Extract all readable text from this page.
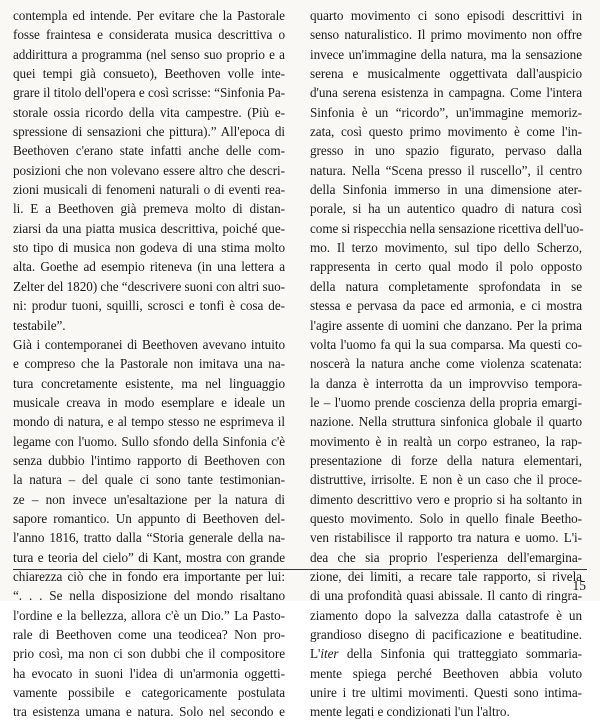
contempla ed intende. Per evitare che la Pastorale
fosse fraintesa e considerata musica descrittiva o
addirittura a programma (nel senso suo proprio e a
quei tempi già consueto), Beethoven volle inte-
grare il titolo dell'opera e così scrisse: “Sinfonia Pa-
storale ossia ricordo della vita campestre. (Più e-
spressione di sensazioni che pittura).” All'epoca di
Beethoven c'erano state infatti anche delle com-
posizioni che non volevano essere altro che descri-
zioni musicali di fenomeni naturali o di eventi rea-
li. E a Beethoven già premeva molto di distan-
ziarsi da una piatta musica descrittiva, poiché que-
sto tipo di musica non godeva di una stima molto
alta. Goethe ad esempio riteneva (in una lettera a
Zelter del 1820) che “descrivere suoni con altri suo-
ni: produr tuoni, squilli, scrosci e tonfi è cosa de-
testabile”.
Già i contemporanei di Beethoven avevano intuito
e compreso che la Pastorale non imitava una na-
tura concretamente esistente, ma nel linguaggio
musicale creava in modo esemplare e ideale un
mondo di natura, e al tempo stesso ne esprimeva il
legame con l'uomo. Sullo sfondo della Sinfonia c'è
senza dubbio l'intimo rapporto di Beethoven con
la natura – del quale ci sono tante testimonian-
ze – non invece un'esaltazione per la natura di
sapore romantico. Un appunto di Beethoven del-
l'anno 1816, tratto dalla “Storia generale della na-
tura e teoria del cielo” di Kant, mostra con grande
chiarezza ciò che in fondo era importante per lui:
“. . . Se nella disposizione del mondo risaltano
l'ordine e la bellezza, allora c'è un Dio.” La Pasto-
rale di Beethoven come una teodicea? Non pro-
prio così, ma non ci son dubbi che il compositore
ha evocato in suoni l'idea di un'armonia oggetti-
vamente possibile e categoricamente postulata
tra esistenza umana e natura. Solo nel secondo e
quarto movimento ci sono episodi descrittivi in
senso naturalistico. Il primo movimento non offre
invece un'immagine della natura, ma la sensazione
serena e musicalmente oggettivata dall'auspicio
d'una serena esistenza in campagna. Come l'intera
Sinfonia è un “ricordo”, un'immagine memoriz-
zata, così questo primo movimento è come l'in-
gresso in uno spazio figurato, pervaso dalla
natura. Nella “Scena presso il ruscello”, il centro
della Sinfonia immerso in una dimensione ater-
porale, si ha un autentico quadro di natura così
come si rispecchia nella sensazione ricettiva dell'uo-
mo. Il terzo movimento, sul tipo dello Scherzo,
rappresenta in certo qual modo il polo opposto
della natura completamente sprofondata in se
stessa e pervasa da pace ed armonia, e ci mostra
l'agire assente di uomini che danzano. Per la prima
volta l'uomo fa qui la sua comparsa. Ma questi co-
noscerà la natura anche come violenza scatenata:
la danza è interrotta da un improvviso tempora-
le – l'uomo prende coscienza della propria emargi-
nazione. Nella struttura sinfonica globale il quarto
movimento è in realtà un corpo estraneo, la rap-
presentazione di forze della natura elementari,
distruttive, irrisolte. E non è un caso che il proce-
dimento descrittivo vero e proprio si ha soltanto in
questo movimento. Solo in quello finale Beetho-
ven ristabilisce il rapporto tra natura e uomo. L'i-
dea che sia proprio l'esperienza dell'emargina-
zione, dei limiti, a recare tale rapporto, si rivela
di una profondità quasi abissale. Il canto di ringra-
ziamento dopo la salvezza dalla catastrofe è un
grandioso disegno di pacificazione e beatitudine.
L'iter della Sinfonia qui tratteggiato sommaria-
mente spiega perché Beethoven abbia voluto
unire i tre ultimi movimenti. Questi sono intima-
mente legati e condizionati l'un l'altro.
15
